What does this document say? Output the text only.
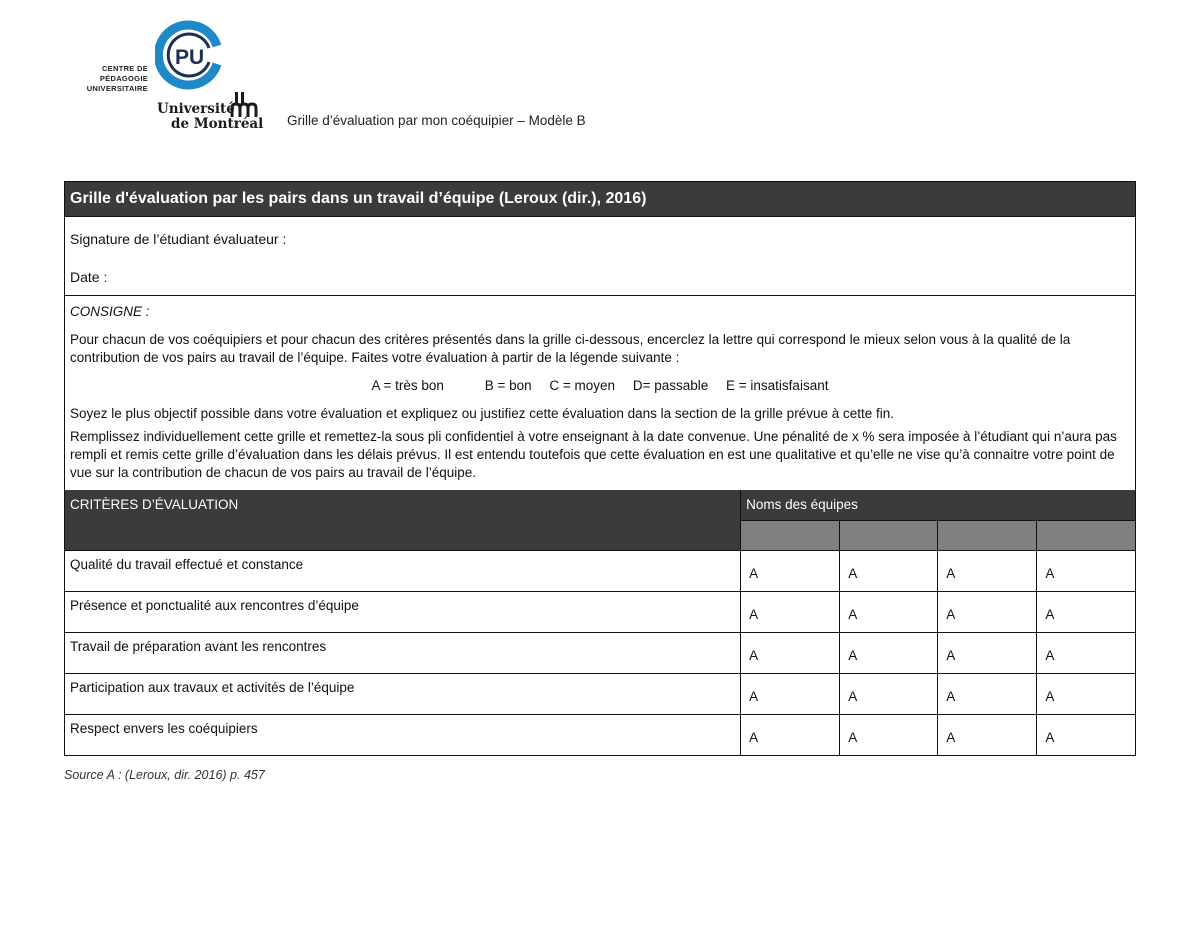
CENTRE DE
PÉDAGOGIE
UNIVERSITAIRE
PU
Université
de Montréal Grille d’évaluation par mon coéquipier – Modèle B
Grille d'évaluation par les pairs dans un travail d’équipe (Leroux (dir.), 2016)
Signature de l’étudiant évaluateur :
Date :
CONSIGNE :
Pour chacun de vos coéquipiers et pour chacun des critères présentés dans la grille ci-dessous, encerclez la lettre qui correspond le mieux selon vous à la qualité de la contribution de vos pairs au travail de l’équipe. Faites votre évaluation à partir de la légende suivante :
A = très bon	B = bon C = moyen D= passable E = insatisfaisant
Soyez le plus objectif possible dans votre évaluation et expliquez ou justifiez cette évaluation dans la section de la grille prévue à cette fin.
Remplissez individuellement cette grille et remettez-la sous pli confidentiel à votre enseignant à la date convenue. Une pénalité de x % sera imposée à l’étudiant qui n’aura pas rempli et remis cette grille d’évaluation dans les délais prévus. Il est entendu toutefois que cette évaluation en est une qualitative et qu’elle ne vise qu’à connaitre votre point de vue sur la contribution de chacun de vos pairs au travail de l’équipe.
CRITÈRES D’ÉVALUATION	Noms des équipes			

Qualité du travail effectué et constance	A	A	A	A
Présence et ponctualité aux rencontres d’équipe	A	A	A	A
Travail de préparation avant les rencontres	A	A	A	A
Participation aux travaux et activités de l’équipe	A	A	A	A
Respect envers les coéquipiers	A	A	A	A
Source A : (Leroux, dir. 2016) p. 457
